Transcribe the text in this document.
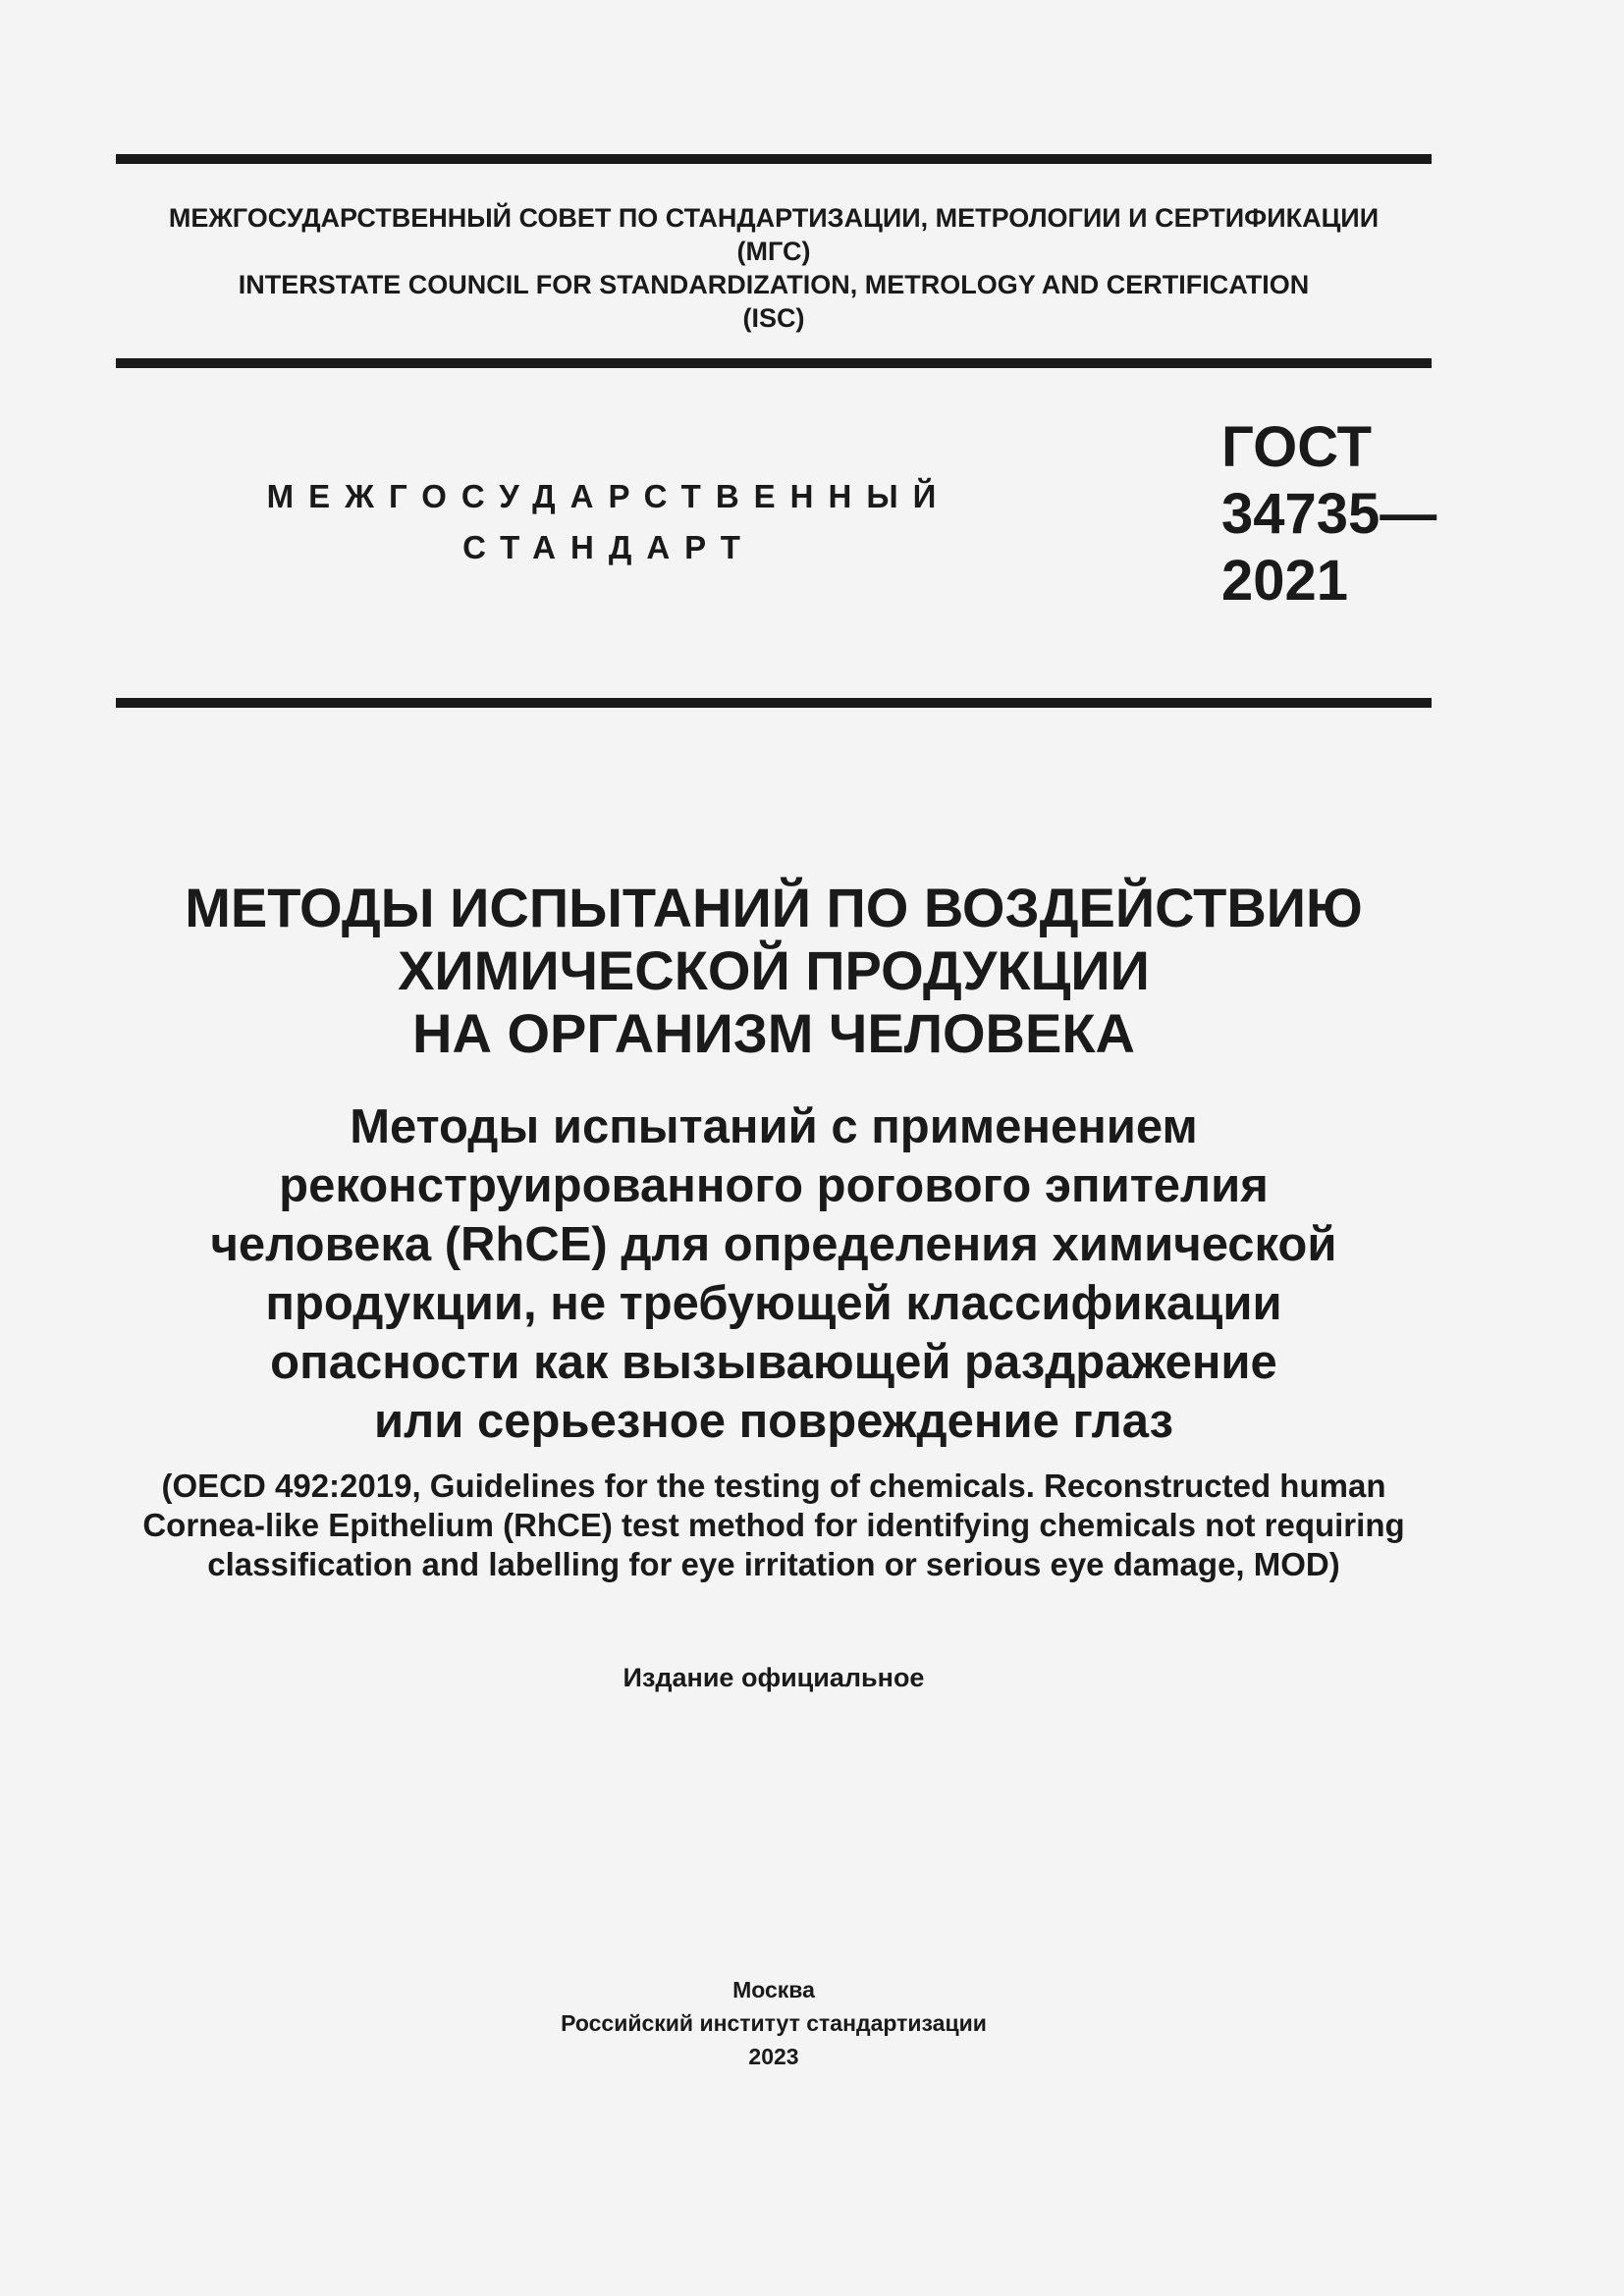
МЕЖГОСУДАРСТВЕННЫЙ СОВЕТ ПО СТАНДАРТИЗАЦИИ, МЕТРОЛОГИИ И СЕРТИФИКАЦИИ
(МГС)
INTERSTATE COUNCIL FOR STANDARDIZATION, METROLOGY AND CERTIFICATION
(ISC)
МЕЖГОСУДАРСТВЕННЫЙ
СТАНДАРТ
ГОСТ
34735—
2021
МЕТОДЫ ИСПЫТАНИЙ ПО ВОЗДЕЙСТВИЮ
ХИМИЧЕСКОЙ ПРОДУКЦИИ
НА ОРГАНИЗМ ЧЕЛОВЕКА
Методы испытаний с применением
реконструированного рогового эпителия
человека (RhCE) для определения химической
продукции, не требующей классификации
опасности как вызывающей раздражение
или серьезное повреждение глаз
(OECD 492:2019, Guidelines for the testing of chemicals. Reconstructed human
Cornea-like Epithelium (RhCE) test method for identifying chemicals not requiring
classification and labelling for eye irritation or serious eye damage, MOD)
Издание официальное
Москва
Российский институт стандартизации
2023
